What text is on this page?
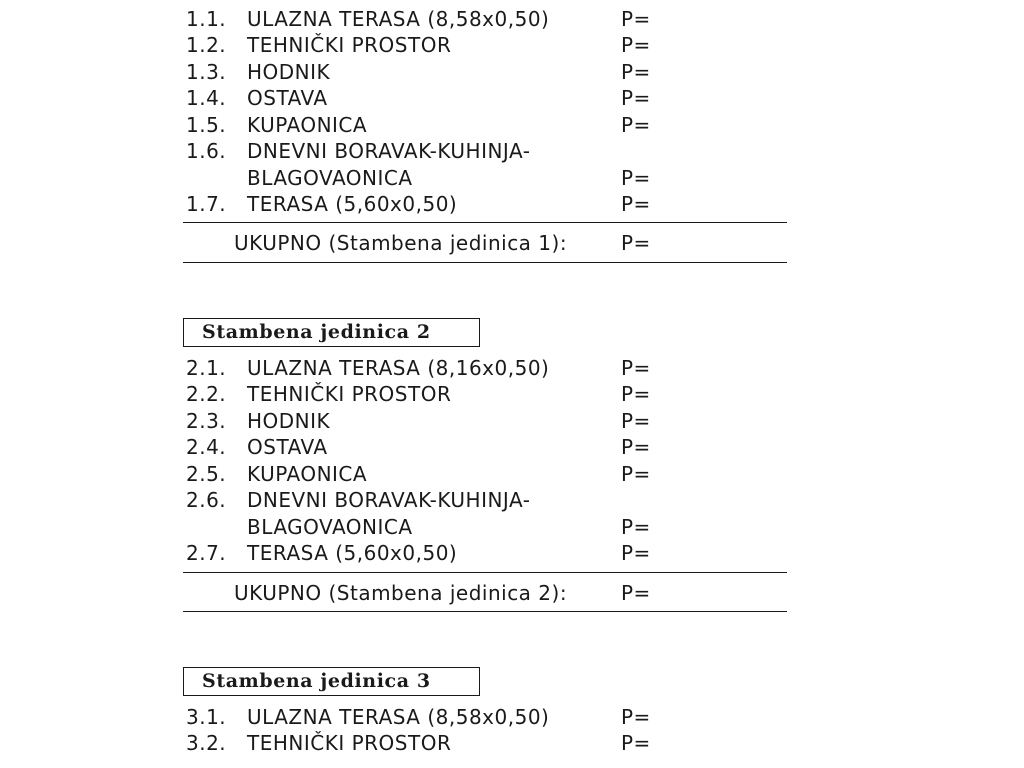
1.1. ULAZNA TERASA (8,58x0,50)	P=
1.2. TEHNIČKI PROSTOR	P=
1.3. HODNIK	P=
1.4. OSTAVA	P=
1.5. KUPAONICA	P=
1.6. DNEVNI BORAVAK-KUHINJA-
BLAGOVAONICA	P=
1.7. TERASA (5,60x0,50)	P=
UKUPNO (Stambena jedinica 1):	P=
Stambena jedinica 2
2.1. ULAZNA TERASA (8,16x0,50)	P=
2.2. TEHNIČKI PROSTOR	P=
2.3. HODNIK	P=
2.4. OSTAVA	P=
2.5. KUPAONICA	P=
2.6. DNEVNI BORAVAK-KUHINJA-
BLAGOVAONICA	P=
2.7. TERASA (5,60x0,50)	P=
UKUPNO (Stambena jedinica 2):	P=
Stambena jedinica 3
3.1. ULAZNA TERASA (8,58x0,50)	P=
3.2. TEHNIČKI PROSTOR	P=
